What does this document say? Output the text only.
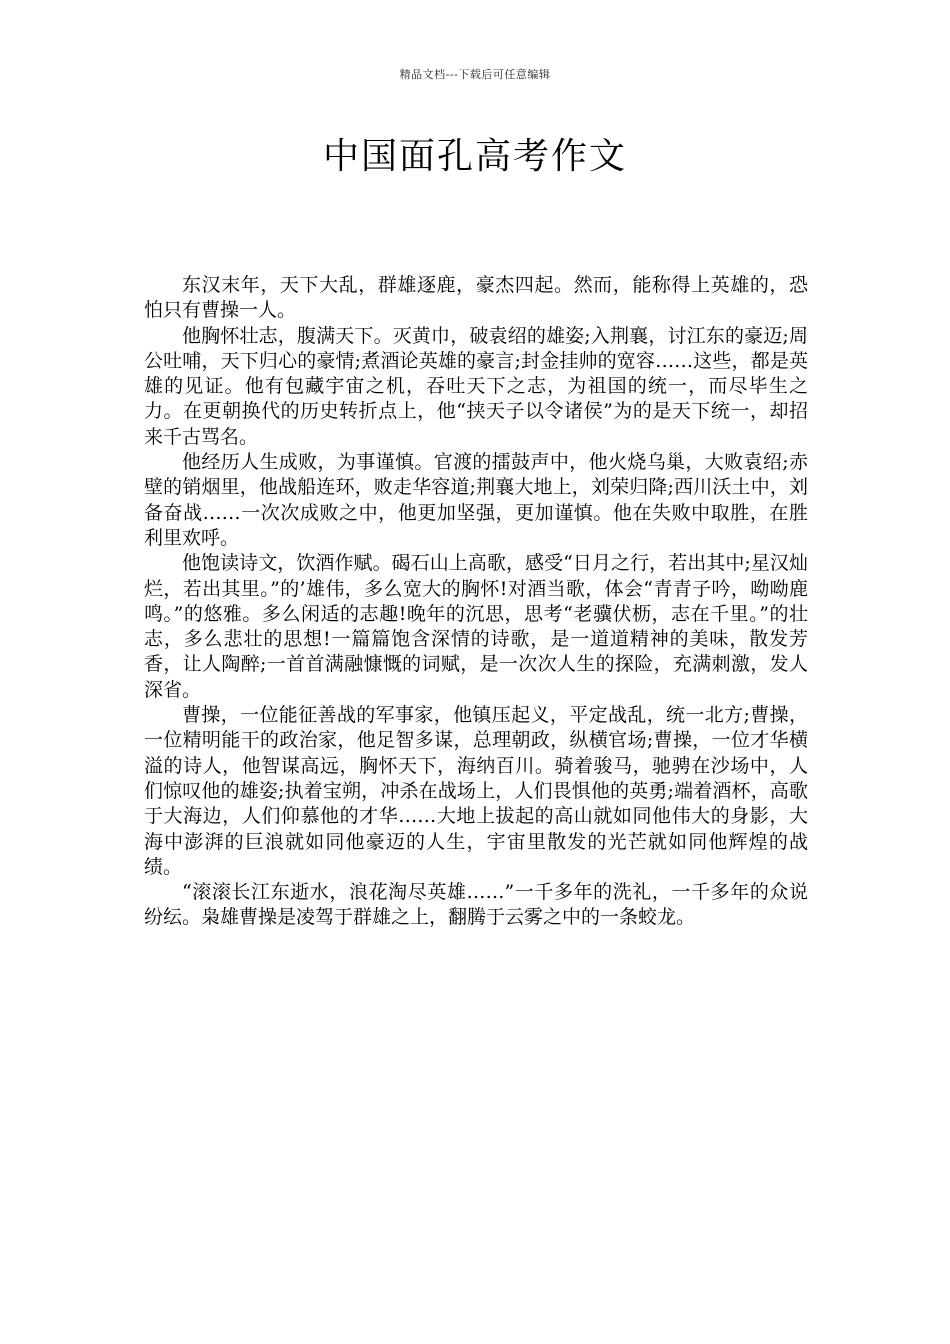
精品文档---下载后可任意编辑
中国面孔高考作文

东汉末年，天下大乱，群雄逐鹿，豪杰四起。然而，能称得上英雄的，恐怕只有曹操一人。

他胸怀壮志，腹满天下。灭黄巾，破袁绍的雄姿;入荆襄，讨江东的豪迈;周公吐哺，天下归心的豪情;煮酒论英雄的豪言;封金挂帅的宽容……这些，都是英雄的见证。他有包藏宇宙之机，吞吐天下之志，为祖国的统一，而尽毕生之力。在更朝换代的历史转折点上，他“挟天子以令诸侯”为的是天下统一，却招来千古骂名。

他经历人生成败，为事谨慎。官渡的擂鼓声中，他火烧乌巢，大败袁绍;赤壁的销烟里，他战船连环，败走华容道;荆襄大地上，刘荣归降;西川沃土中，刘备奋战……一次次成败之中，他更加坚强，更加谨慎。他在失败中取胜，在胜利里欢呼。

他饱读诗文，饮酒作赋。碣石山上高歌，感受“日月之行，若出其中;星汉灿烂，若出其里。”的’雄伟，多么宽大的胸怀!对酒当歌，体会“青青子吟，呦呦鹿鸣。”的悠雅。多么闲适的志趣!晚年的沉思，思考“老骥伏枥，志在千里。”的壮志，多么悲壮的思想!一篇篇饱含深情的诗歌，是一道道精神的美味，散发芳香，让人陶醉;一首首满融慷慨的词赋，是一次次人生的探险，充满刺激，发人深省。

曹操，一位能征善战的军事家，他镇压起义，平定战乱，统一北方;曹操，一位精明能干的政治家，他足智多谋，总理朝政，纵横官场;曹操，一位才华横溢的诗人，他智谋高远，胸怀天下，海纳百川。骑着骏马，驰骋在沙场中，人们惊叹他的雄姿;执着宝朔，冲杀在战场上，人们畏惧他的英勇;端着酒杯，高歌于大海边，人们仰慕他的才华……大地上拔起的高山就如同他伟大的身影，大海中澎湃的巨浪就如同他豪迈的人生，宇宙里散发的光芒就如同他辉煌的战绩。

“滚滚长江东逝水，浪花淘尽英雄……”一千多年的洗礼，一千多年的众说纷纭。枭雄曹操是凌驾于群雄之上，翻腾于云雾之中的一条蛟龙。
